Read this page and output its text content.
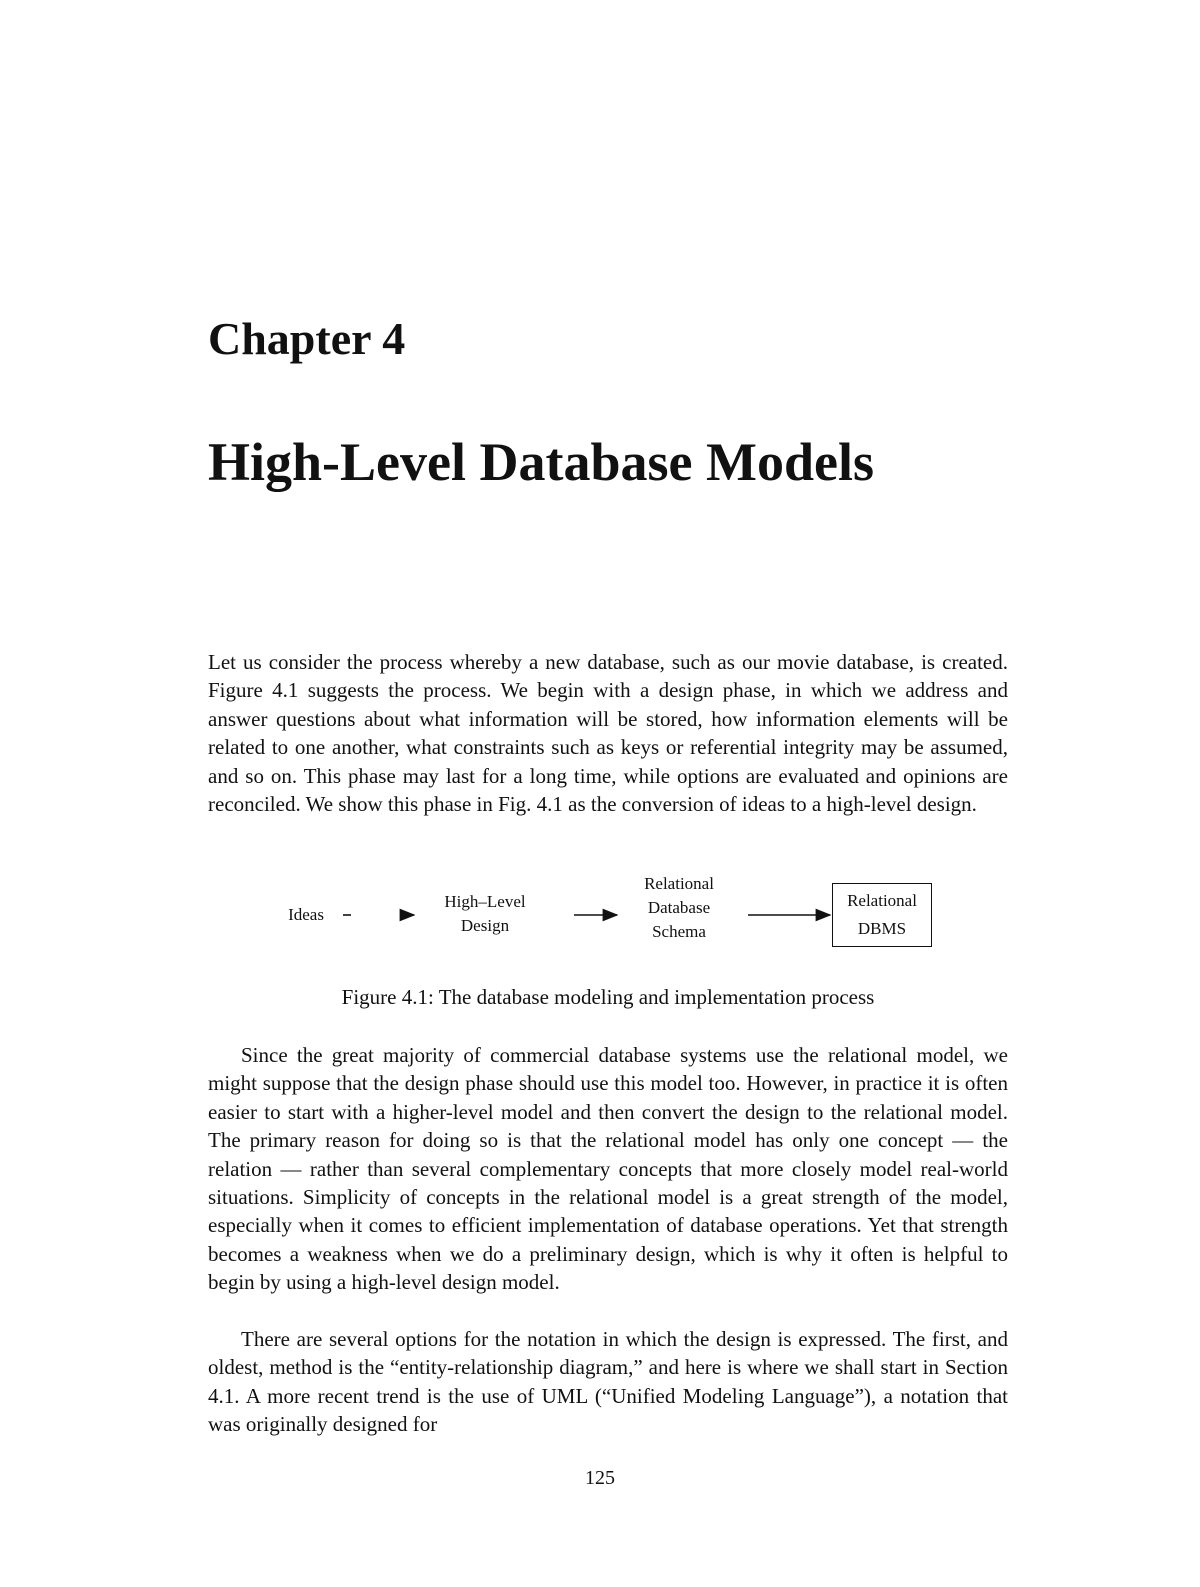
Chapter 4
High-Level Database Models

Let us consider the process whereby a new database, such as our movie database, is created. Figure 4.1 suggests the process. We begin with a design phase, in which we address and answer questions about what information will be stored, how information elements will be related to one another, what constraints such as keys or referential integrity may be assumed, and so on. This phase may last for a long time, while options are evaluated and opinions are reconciled. We show this phase in Fig. 4.1 as the conversion of ideas to a high-level design.

Ideas
High–Level
Design
Relational
Database
Schema
Relational
DBMS

Figure 4.1: The database modeling and implementation process

Since the great majority of commercial database systems use the relational model, we might suppose that the design phase should use this model too. However, in practice it is often easier to start with a higher-level model and then convert the design to the relational model. The primary reason for doing so is that the relational model has only one concept — the relation — rather than several complementary concepts that more closely model real-world situations. Simplicity of concepts in the relational model is a great strength of the model, especially when it comes to efficient implementation of database operations. Yet that strength becomes a weakness when we do a preliminary design, which is why it often is helpful to begin by using a high-level design model.

There are several options for the notation in which the design is expressed. The first, and oldest, method is the “entity-relationship diagram,” and here is where we shall start in Section 4.1. A more recent trend is the use of UML (“Unified Modeling Language”), a notation that was originally designed for

125
